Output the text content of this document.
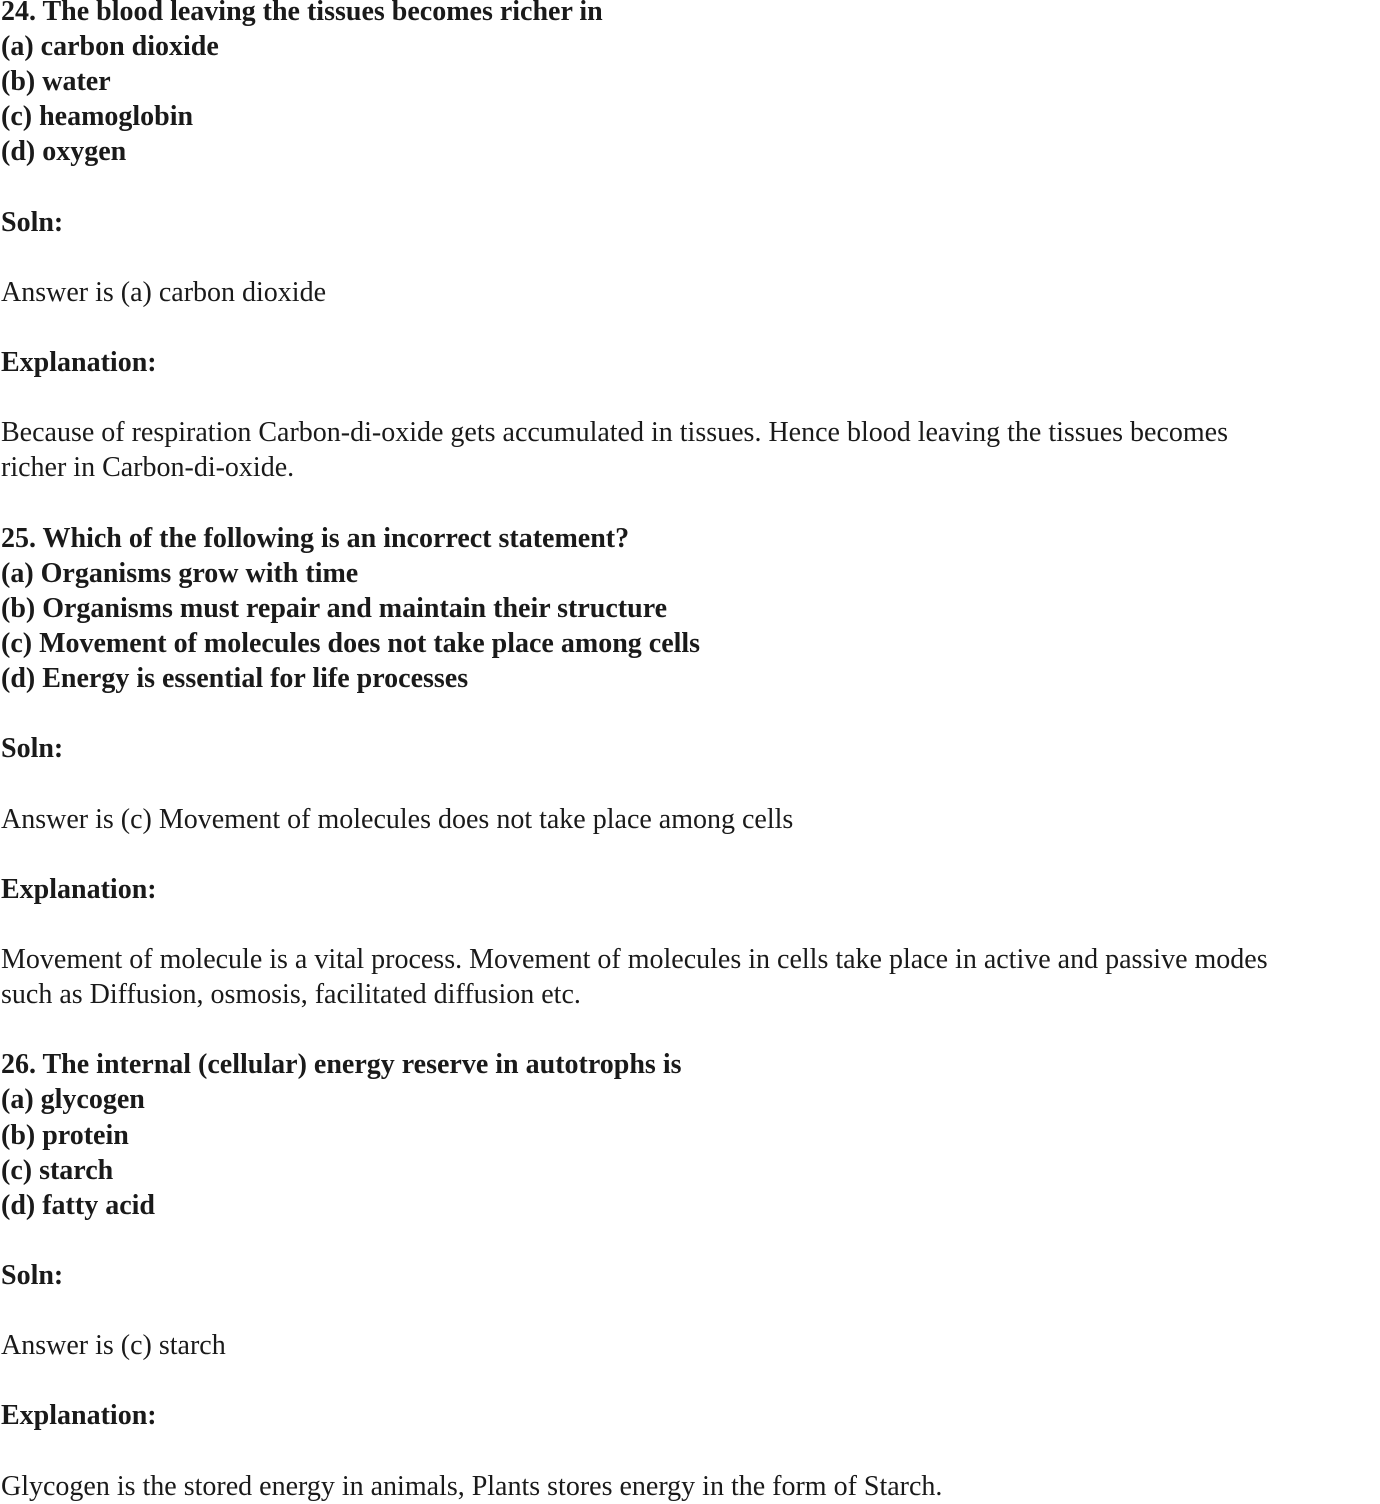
24. The blood leaving the tissues becomes richer in
(a) carbon dioxide
(b) water
(c) heamoglobin
(d) oxygen
Soln:
Answer is (a) carbon dioxide
Explanation:
Because of respiration Carbon-di-oxide gets accumulated in tissues. Hence blood leaving the tissues becomes
richer in Carbon-di-oxide.
25. Which of the following is an incorrect statement?
(a) Organisms grow with time
(b) Organisms must repair and maintain their structure
(c) Movement of molecules does not take place among cells
(d) Energy is essential for life processes
Soln:
Answer is (c) Movement of molecules does not take place among cells
Explanation:
Movement of molecule is a vital process. Movement of molecules in cells take place in active and passive modes
such as Diffusion, osmosis, facilitated diffusion etc.
26. The internal (cellular) energy reserve in autotrophs is
(a) glycogen
(b) protein
(c) starch
(d) fatty acid
Soln:
Answer is (c) starch
Explanation:
Glycogen is the stored energy in animals, Plants stores energy in the form of Starch.
